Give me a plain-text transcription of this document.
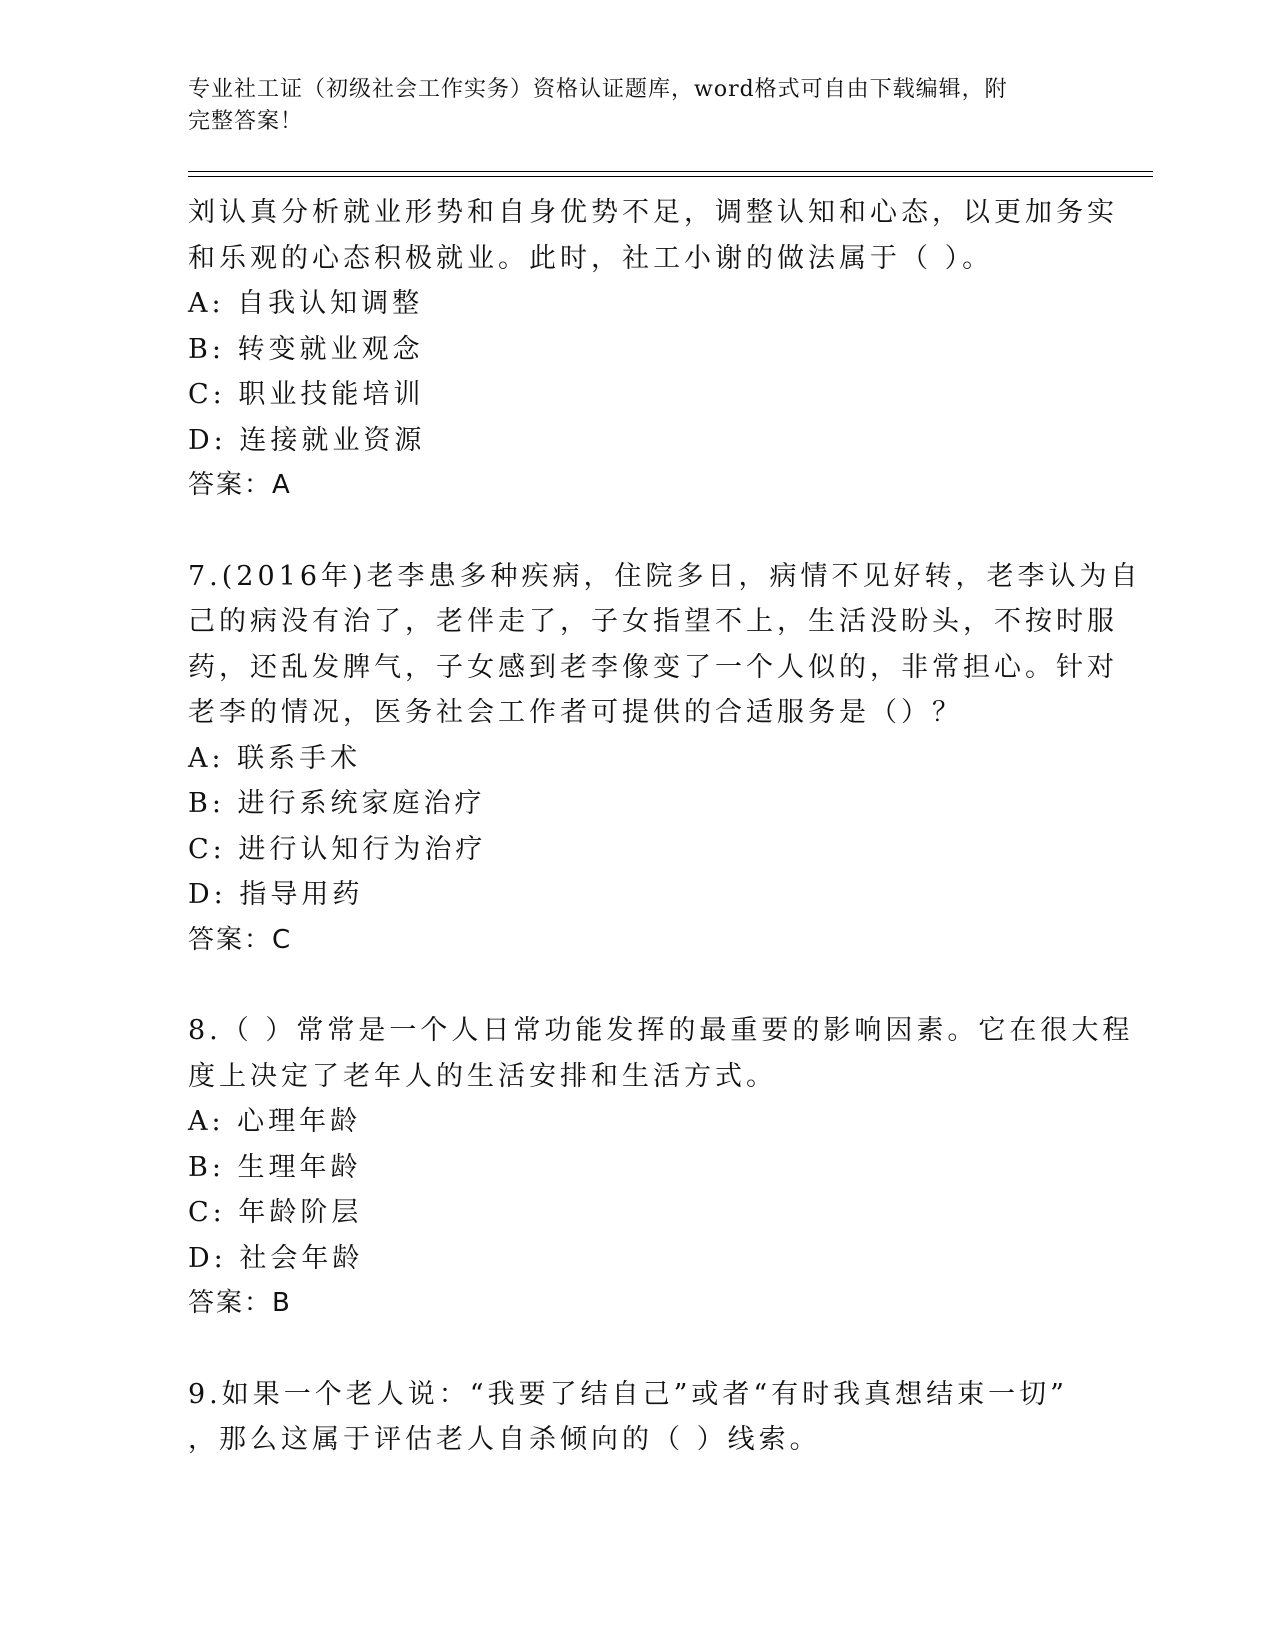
专业社工证（初级社会工作实务）资格认证题库，word格式可自由下载编辑，附
完整答案！
刘认真分析就业形势和自身优势不足，调整认知和心态，以更加务实
和乐观的心态积极就业。此时，社工小谢的做法属于（ ）。
A: 自我认知调整
B: 转变就业观念
C: 职业技能培训
D: 连接就业资源
答案：A
7.(2016年)老李患多种疾病，住院多日，病情不见好转，老李认为自
己的病没有治了，老伴走了，子女指望不上，生活没盼头，不按时服
药，还乱发脾气，子女感到老李像变了一个人似的，非常担心。针对
老李的情况，医务社会工作者可提供的合适服务是（）？
A: 联系手术
B: 进行系统家庭治疗
C: 进行认知行为治疗
D: 指导用药
答案：C
8.（ ）常常是一个人日常功能发挥的最重要的影响因素。它在很大程
度上决定了老年人的生活安排和生活方式。
A: 心理年龄
B: 生理年龄
C: 年龄阶层
D: 社会年龄
答案：B
9.如果一个老人说：“我要了结自己”或者“有时我真想结束一切”
，那么这属于评估老人自杀倾向的（ ）线索。
